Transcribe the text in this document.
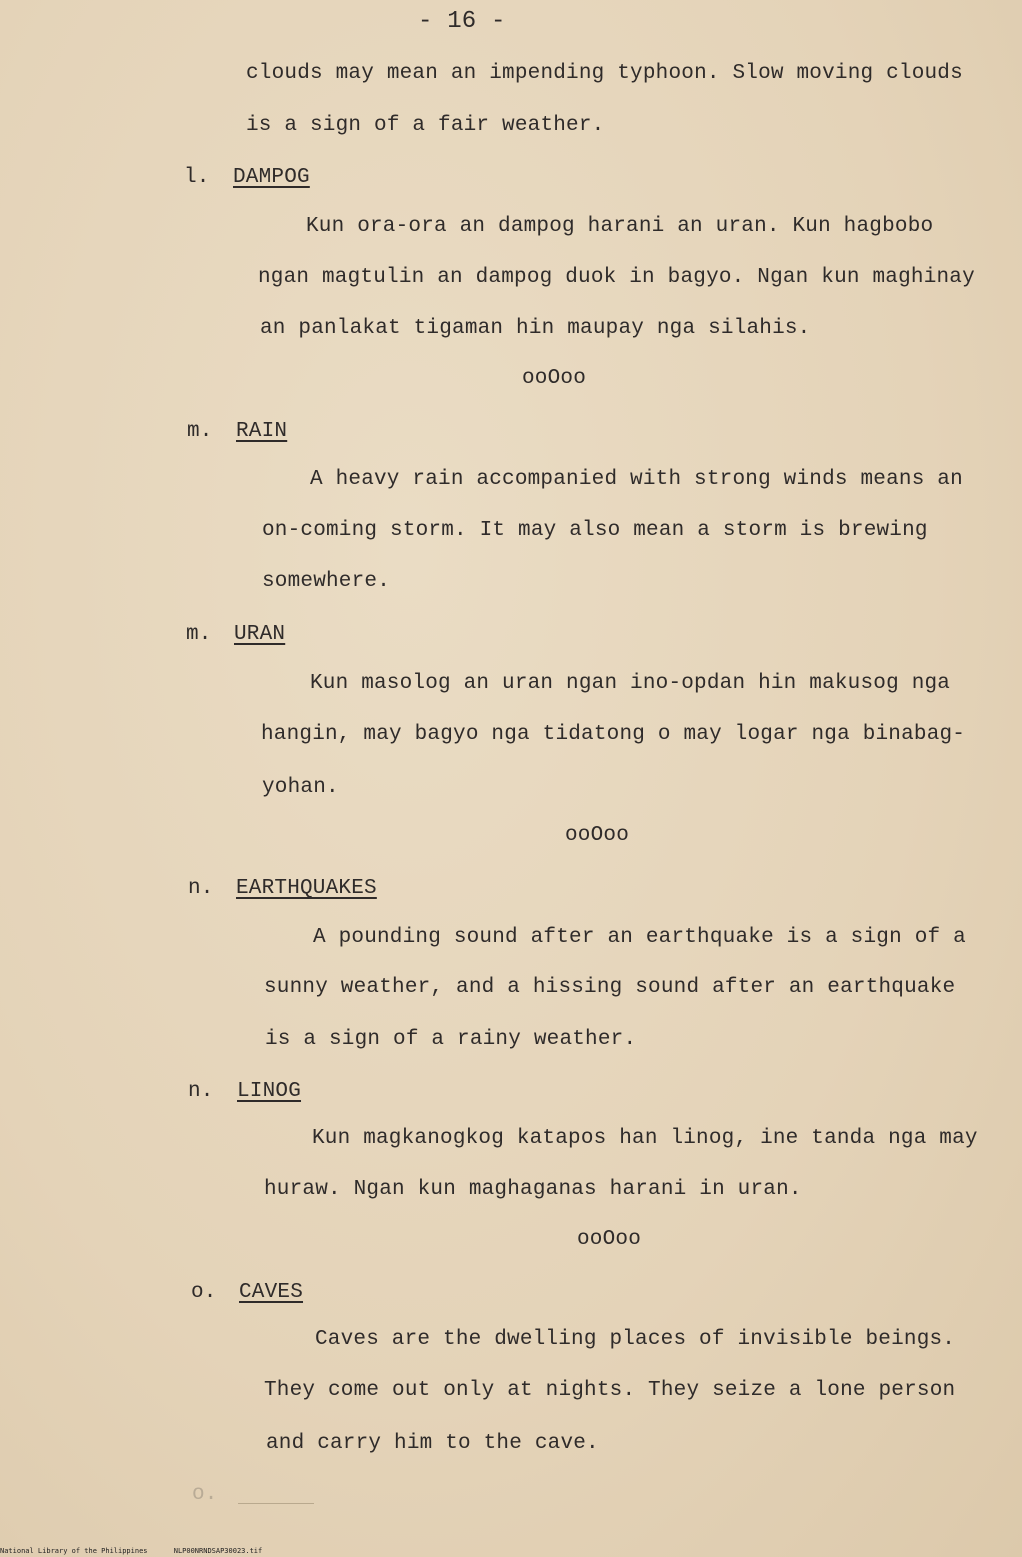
- 16 -
clouds may mean an impending typhoon. Slow moving clouds
is a sign of a fair weather.
l. DAMPOG
Kun ora-ora an dampog harani an uran. Kun hagbobo
ngan magtulin an dampog duok in bagyo. Ngan kun maghinay
an panlakat tigaman hin maupay nga silahis.
ooOoo
m. RAIN
A heavy rain accompanied with strong winds means an
on-coming storm. It may also mean a storm is brewing
somewhere.
m. URAN
Kun masolog an uran ngan ino-opdan hin makusog nga
hangin, may bagyo nga tidatong o may logar nga binabag-
yohan.
ooOoo
n. EARTHQUAKES
A pounding sound after an earthquake is a sign of a
sunny weather, and a hissing sound after an earthquake
is a sign of a rainy weather.
n. LINOG
Kun magkanogkog katapos han linog, ine tanda nga may
huraw. Ngan kun maghaganas harani in uran.
ooOoo
o. CAVES
Caves are the dwelling places of invisible beings.
They come out only at nights. They seize a lone person
and carry him to the cave.
o.
National Library of the Philippines	NLP00NRNDSAP30023.tif
